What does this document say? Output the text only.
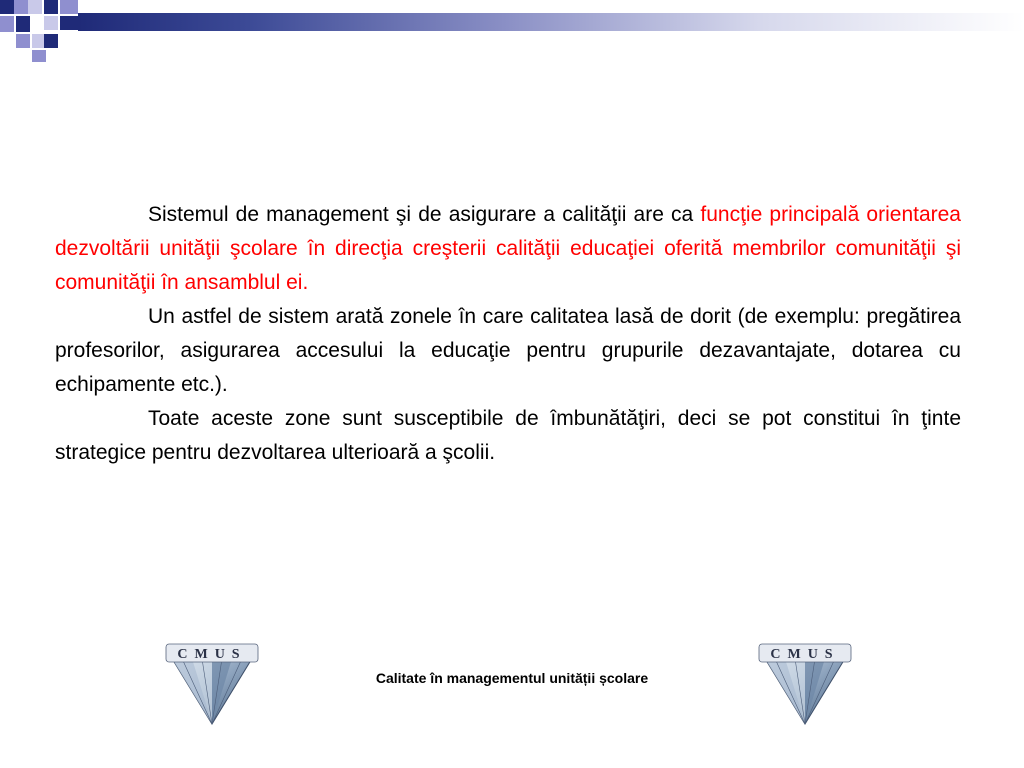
Sistemul de management şi de asigurare a calităţii are ca funcţie principală orientarea dezvoltării unităţii şcolare în direcţia creşterii calităţii educaţiei oferită membrilor comunităţii şi comunităţii în ansamblul ei.

Un astfel de sistem arată zonele în care calitatea lasă de dorit (de exemplu: pregătirea profesorilor, asigurarea accesului la educaţie pentru grupurile dezavantajate, dotarea cu echipamente etc.).

Toate aceste zone sunt susceptibile de îmbunătăţiri, deci se pot constitui în ţinte strategice pentru dezvoltarea ulterioară a şcolii.

CMUS
Calitate în managementul unității școlare
CMUS
